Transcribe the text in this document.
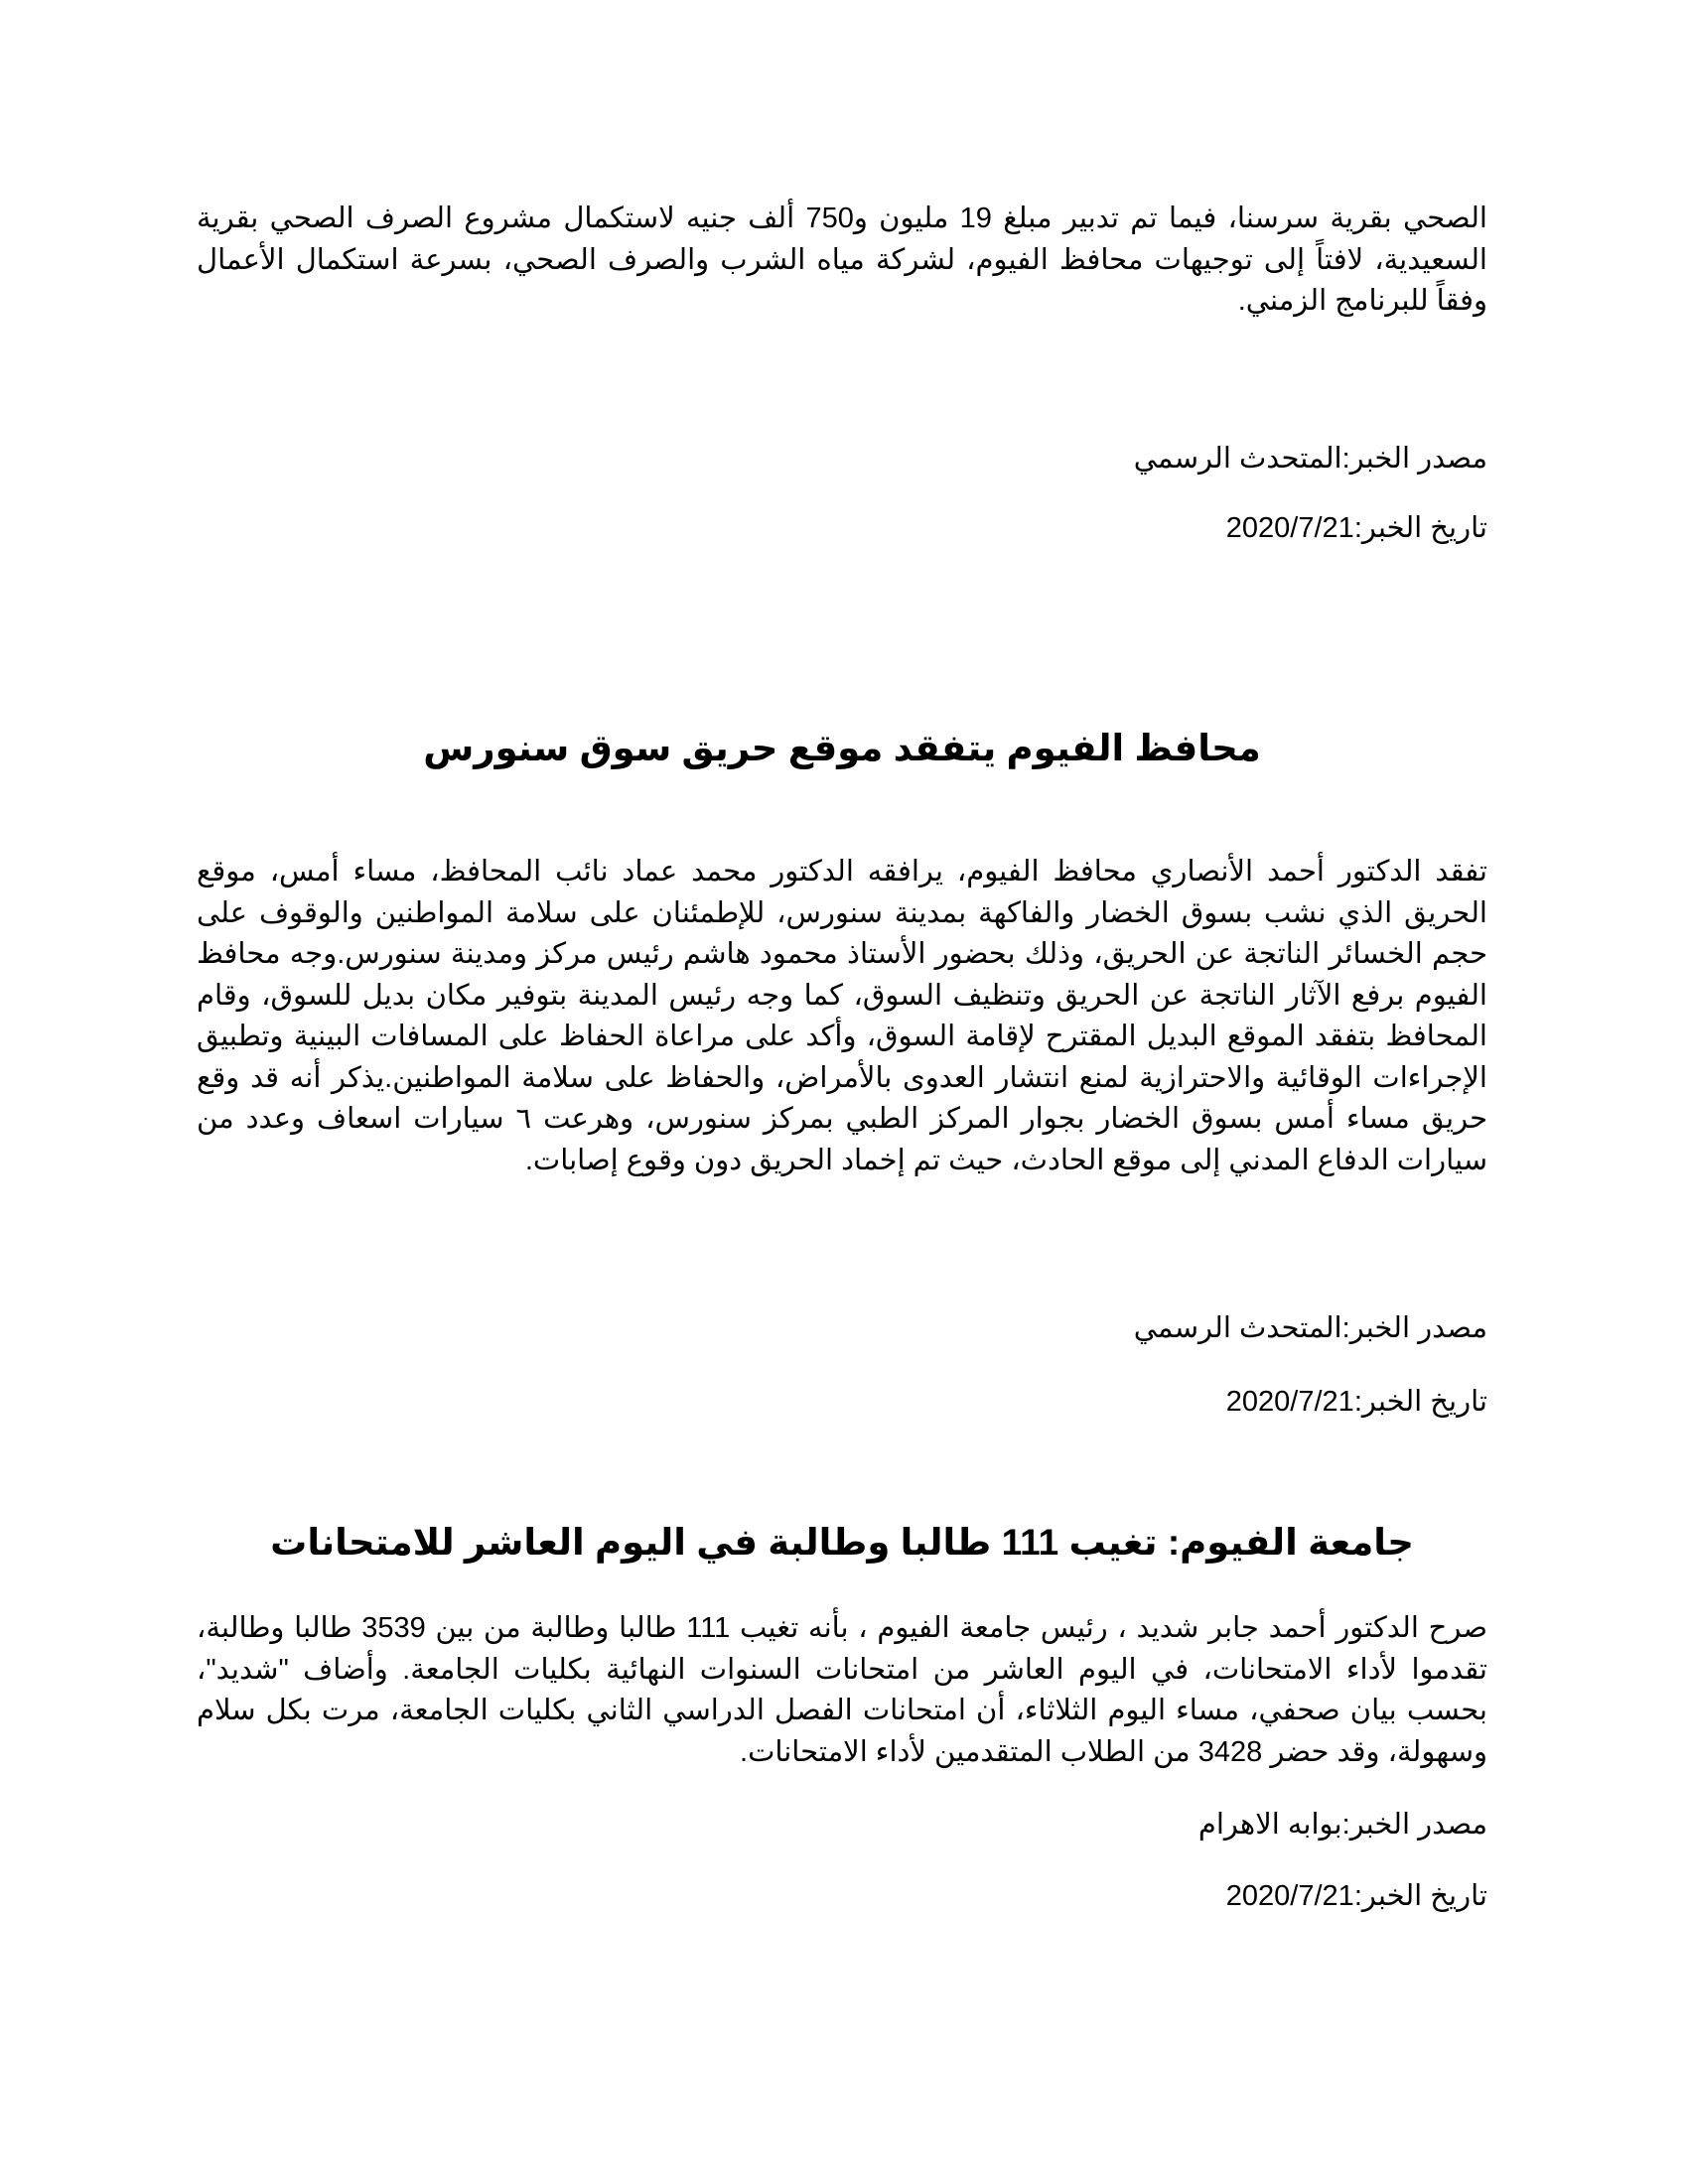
الصحي بقرية سرسنا، فيما تم تدبير مبلغ 19 مليون و750 ألف جنيه لاستكمال مشروع الصرف الصحي بقرية السعيدية، لافتاً إلى توجيهات محافظ الفيوم، لشركة مياه الشرب والصرف الصحي، بسرعة استكمال الأعمال وفقاً للبرنامج الزمني.

مصدر الخبر:المتحدث الرسمي

تاريخ الخبر:2020/7/21

محافظ الفيوم يتفقد موقع حريق سوق سنورس

تفقد الدكتور أحمد الأنصاري محافظ الفيوم، يرافقه الدكتور محمد عماد نائب المحافظ، مساء أمس، موقع الحريق الذي نشب بسوق الخضار والفاكهة بمدينة سنورس، للإطمئنان على سلامة المواطنين والوقوف على حجم الخسائر الناتجة عن الحريق، وذلك بحضور الأستاذ محمود هاشم رئيس مركز ومدينة سنورس.وجه محافظ الفيوم برفع الآثار الناتجة عن الحريق وتنظيف السوق، كما وجه رئيس المدينة بتوفير مكان بديل للسوق، وقام المحافظ بتفقد الموقع البديل المقترح لإقامة السوق، وأكد على مراعاة الحفاظ على المسافات البينية وتطبيق الإجراءات الوقائية والاحترازية لمنع انتشار العدوى بالأمراض، والحفاظ على سلامة المواطنين.يذكر أنه قد وقع حريق مساء أمس بسوق الخضار بجوار المركز الطبي بمركز سنورس، وهرعت ٦ سيارات اسعاف وعدد من سيارات الدفاع المدني إلى موقع الحادث، حيث تم إخماد الحريق دون وقوع إصابات.

مصدر الخبر:المتحدث الرسمي

تاريخ الخبر:2020/7/21

جامعة الفيوم: تغيب 111 طالبا وطالبة في اليوم العاشر للامتحانات

صرح الدكتور أحمد جابر شديد ، رئيس جامعة الفيوم ، بأنه تغيب 111 طالبا وطالبة من بين 3539 طالبا وطالبة، تقدموا لأداء الامتحانات، في اليوم العاشر من امتحانات السنوات النهائية بكليات الجامعة. وأضاف "شديد"، بحسب بيان صحفي، مساء اليوم الثلاثاء، أن امتحانات الفصل الدراسي الثاني بكليات الجامعة، مرت بكل سلام وسهولة، وقد حضر 3428 من الطلاب المتقدمين لأداء الامتحانات.

مصدر الخبر:بوابه الاهرام

تاريخ الخبر:2020/7/21
